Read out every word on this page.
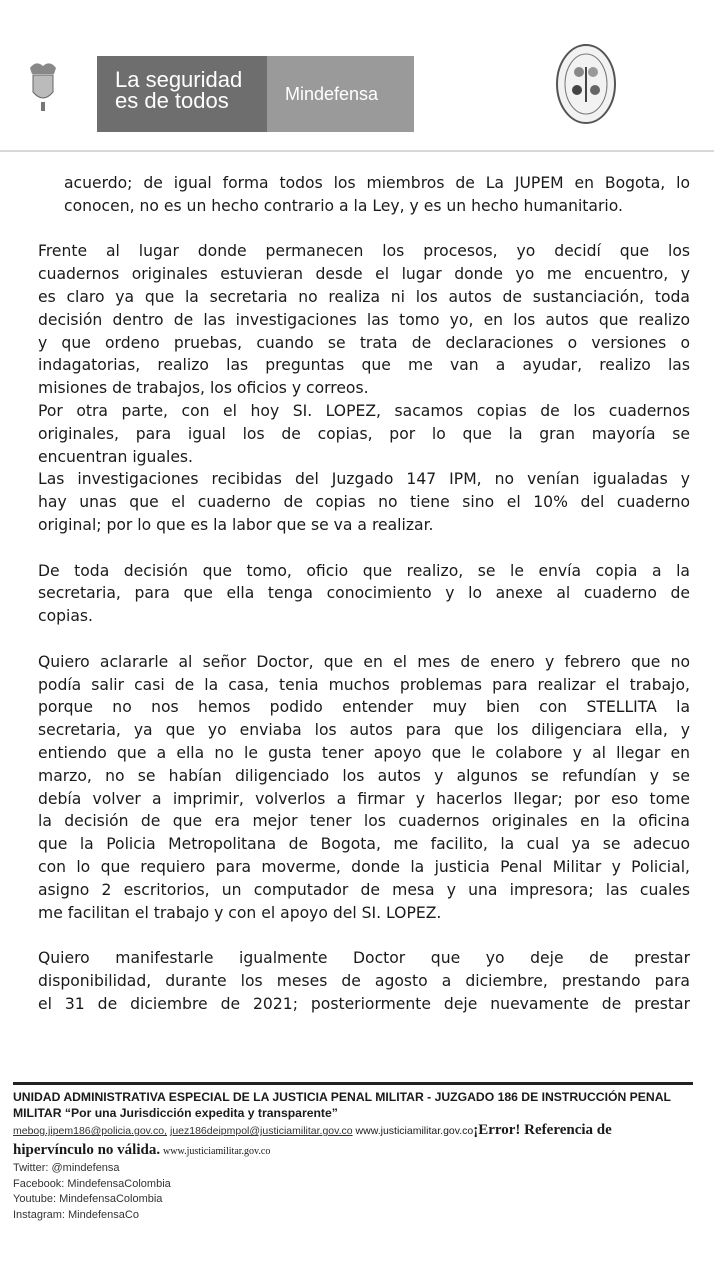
La seguridad
es de todos	Mindefensa
acuerdo; de igual forma todos los miembros de La JUPEM en Bogota, lo
conocen, no es un hecho contrario a la Ley, y es un hecho humanitario.
Frente al lugar donde permanecen los procesos, yo decidí que los
cuadernos originales estuvieran desde el lugar donde yo me encuentro, y
es claro ya que la secretaria no realiza ni los autos de sustanciación, toda
decisión dentro de las investigaciones las tomo yo, en los autos que realizo
y que ordeno pruebas, cuando se trata de declaraciones o versiones o
indagatorias, realizo las preguntas que me van a ayudar, realizo las
misiones de trabajos, los oficios y correos.
Por otra parte, con el hoy SI. LOPEZ, sacamos copias de los cuadernos
originales, para igual los de copias, por lo que la gran mayoría se
encuentran iguales.
Las investigaciones recibidas del Juzgado 147 IPM, no venían igualadas y
hay unas que el cuaderno de copias no tiene sino el 10% del cuaderno
original; por lo que es la labor que se va a realizar.
De toda decisión que tomo, oficio que realizo, se le envía copia a la
secretaria, para que ella tenga conocimiento y lo anexe al cuaderno de
copias.
Quiero aclararle al señor Doctor, que en el mes de enero y febrero que no
podía salir casi de la casa, tenia muchos problemas para realizar el trabajo,
porque no nos hemos podido entender muy bien con STELLITA la
secretaria, ya que yo enviaba los autos para que los diligenciara ella, y
entiendo que a ella no le gusta tener apoyo que le colabore y al llegar en
marzo, no se habían diligenciado los autos y algunos se refundían y se
debía volver a imprimir, volverlos a firmar y hacerlos llegar; por eso tome
la decisión de que era mejor tener los cuadernos originales en la oficina
que la Policia Metropolitana de Bogota, me facilito, la cual ya se adecuo
con lo que requiero para moverme, donde la justicia Penal Militar y Policial,
asigno 2 escritorios, un computador de mesa y una impresora; las cuales
me facilitan el trabajo y con el apoyo del SI. LOPEZ.
Quiero manifestarle igualmente Doctor que yo deje de prestar
disponibilidad, durante los meses de agosto a diciembre, prestando para
el 31 de diciembre de 2021; posteriormente deje nuevamente de prestar
UNIDAD ADMINISTRATIVA ESPECIAL DE LA JUSTICIA PENAL MILITAR - JUZGADO 186 DE INSTRUCCIÓN PENAL MILITAR “Por una Jurisdicción expedita y transparente”
mebog.jipem186@policia.gov.co, juez186deipmpol@justiciamilitar.gov.co www.justiciamilitar.gov.co¡Error! Referencia de hipervínculo no válida. www.justiciamilitar.gov.co
Twitter: @mindefensa
Facebook: MindefensaColombia
Youtube: MindefensaColombia
Instagram: MindefensaCo
